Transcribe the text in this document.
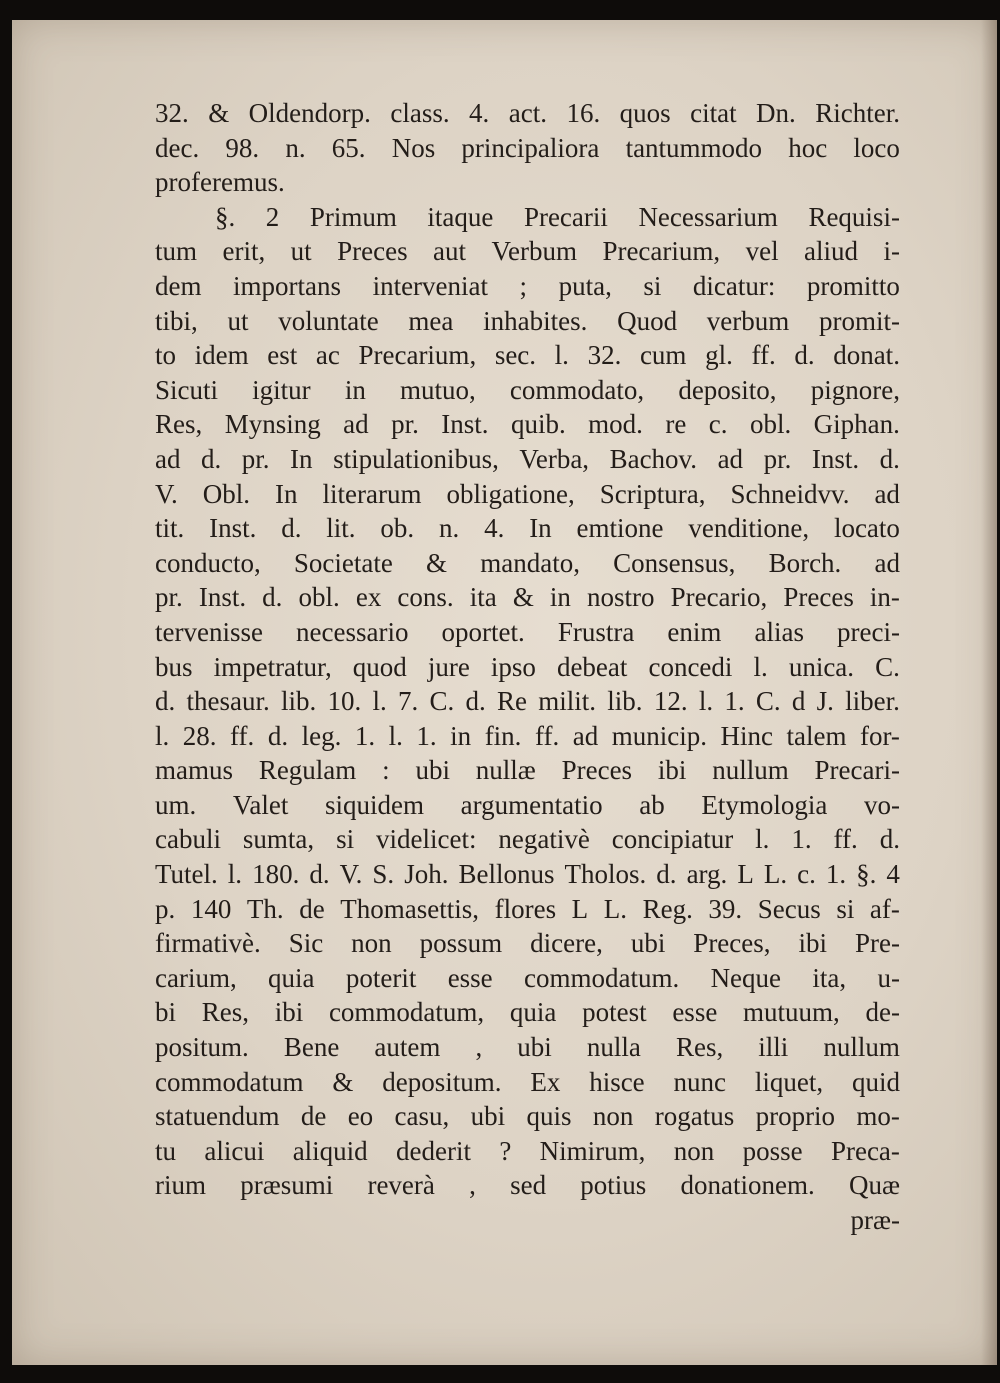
32. & Oldendorp. class. 4. act. 16. quos citat Dn. Richter.
dec. 98. n. 65. Nos principaliora tantummodo hoc loco
proferemus.
§. 2 Primum itaque Precarii Necessarium Requisi-
tum erit, ut Preces aut Verbum Precarium, vel aliud i-
dem importans interveniat ; puta, si dicatur: promitto
tibi, ut voluntate mea inhabites. Quod verbum promit-
to idem est ac Precarium, sec. l. 32. cum gl. ff. d. donat.
Sicuti igitur in mutuo, commodato, deposito, pignore,
Res, Mynsing ad pr. Inst. quib. mod. re c. obl. Giphan.
ad d. pr. In stipulationibus, Verba, Bachov. ad pr. Inst. d.
V. Obl. In literarum obligatione, Scriptura, Schneidvv. ad
tit. Inst. d. lit. ob. n. 4. In emtione venditione, locato
conducto, Societate & mandato, Consensus, Borch. ad
pr. Inst. d. obl. ex cons. ita & in nostro Precario, Preces in-
tervenisse necessario oportet. Frustra enim alias preci-
bus impetratur, quod jure ipso debeat concedi l. unica. C.
d. thesaur. lib. 10. l. 7. C. d. Re milit. lib. 12. l. 1. C. d J. liber.
l. 28. ff. d. leg. 1. l. 1. in fin. ff. ad municip. Hinc talem for-
mamus Regulam : ubi nullæ Preces ibi nullum Precari-
um. Valet siquidem argumentatio ab Etymologia vo-
cabuli sumta, si videlicet: negativè concipiatur l. 1. ff. d.
Tutel. l. 180. d. V. S. Joh. Bellonus Tholos. d. arg. L L. c. 1. §. 4
p. 140 Th. de Thomasettis, flores L L. Reg. 39. Secus si af-
firmativè. Sic non possum dicere, ubi Preces, ibi Pre-
carium, quia poterit esse commodatum. Neque ita, u-
bi Res, ibi commodatum, quia potest esse mutuum, de-
positum. Bene autem , ubi nulla Res, illi nullum
commodatum & depositum. Ex hisce nunc liquet, quid
statuendum de eo casu, ubi quis non rogatus proprio mo-
tu alicui aliquid dederit ? Nimirum, non posse Preca-
rium præsumi reverà , sed potius donationem. Quæ
præ-
